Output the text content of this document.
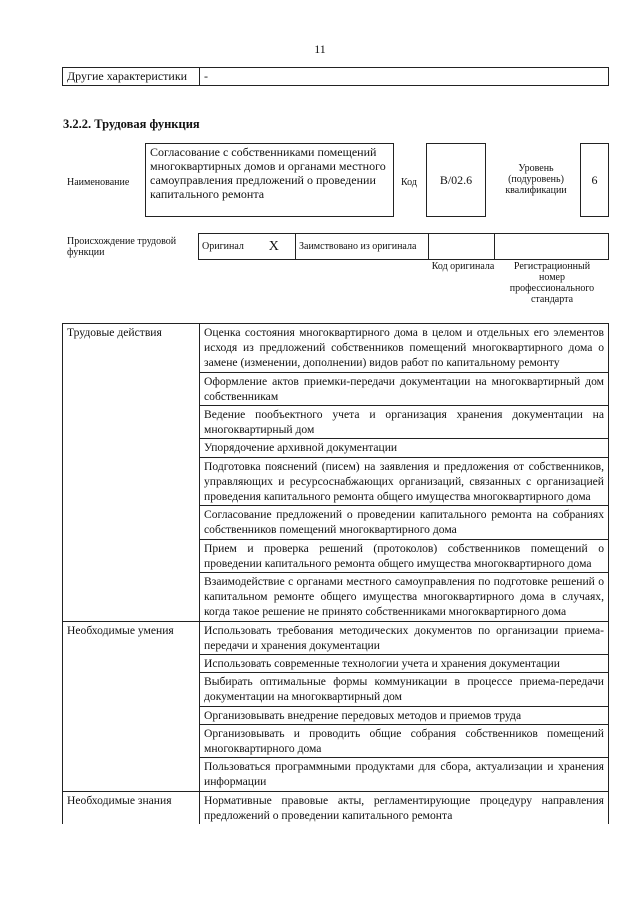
11
Другие характеристики	-
3.2.2. Трудовая функция
Наименование
Согласование с собственниками помещений многоквартирных домов и органами местного самоуправления предложений о проведении капитального ремонта
Код	B/02.6
Уровень (подуровень) квалификации
6
Происхождение трудовой функции
Оригинал	X	Заимствовано из оригинала		
Код оригинала	Регистрационный номер профессионального стандарта
Трудовые действия	Оценка состояния многоквартирного дома в целом и отдельных его элементов исходя из предложений собственников помещений многоквартирного дома о замене (изменении, дополнении) видов работ по капитальному ремонту
	Оформление актов приемки-передачи документации на многоквартирный дом собственникам
	Ведение пообъектного учета и организация хранения документации на многоквартирный дом
	Упорядочение архивной документации
	Подготовка пояснений (писем) на заявления и предложения от собственников, управляющих и ресурсоснабжающих организаций, связанных с организацией проведения капитального ремонта общего имущества многоквартирного дома
	Согласование предложений о проведении капитального ремонта на собраниях собственников помещений многоквартирного дома
	Прием и проверка решений (протоколов) собственников помещений о проведении капитального ремонта общего имущества многоквартирного дома
	Взаимодействие с органами местного самоуправления по подготовке решений о капитальном ремонте общего имущества многоквартирного дома в случаях, когда такое решение не принято собственниками многоквартирного дома
Необходимые умения	Использовать требования методических документов по организации приема-передачи и хранения документации
	Использовать современные технологии учета и хранения документации
	Выбирать оптимальные формы коммуникации в процессе приема-передачи документации на многоквартирный дом
	Организовывать внедрение передовых методов и приемов труда
	Организовывать и проводить общие собрания собственников помещений многоквартирного дома
	Пользоваться программными продуктами для сбора, актуализации и хранения информации
Необходимые знания	Нормативные правовые акты, регламентирующие процедуру направления предложений о проведении капитального ремонта
